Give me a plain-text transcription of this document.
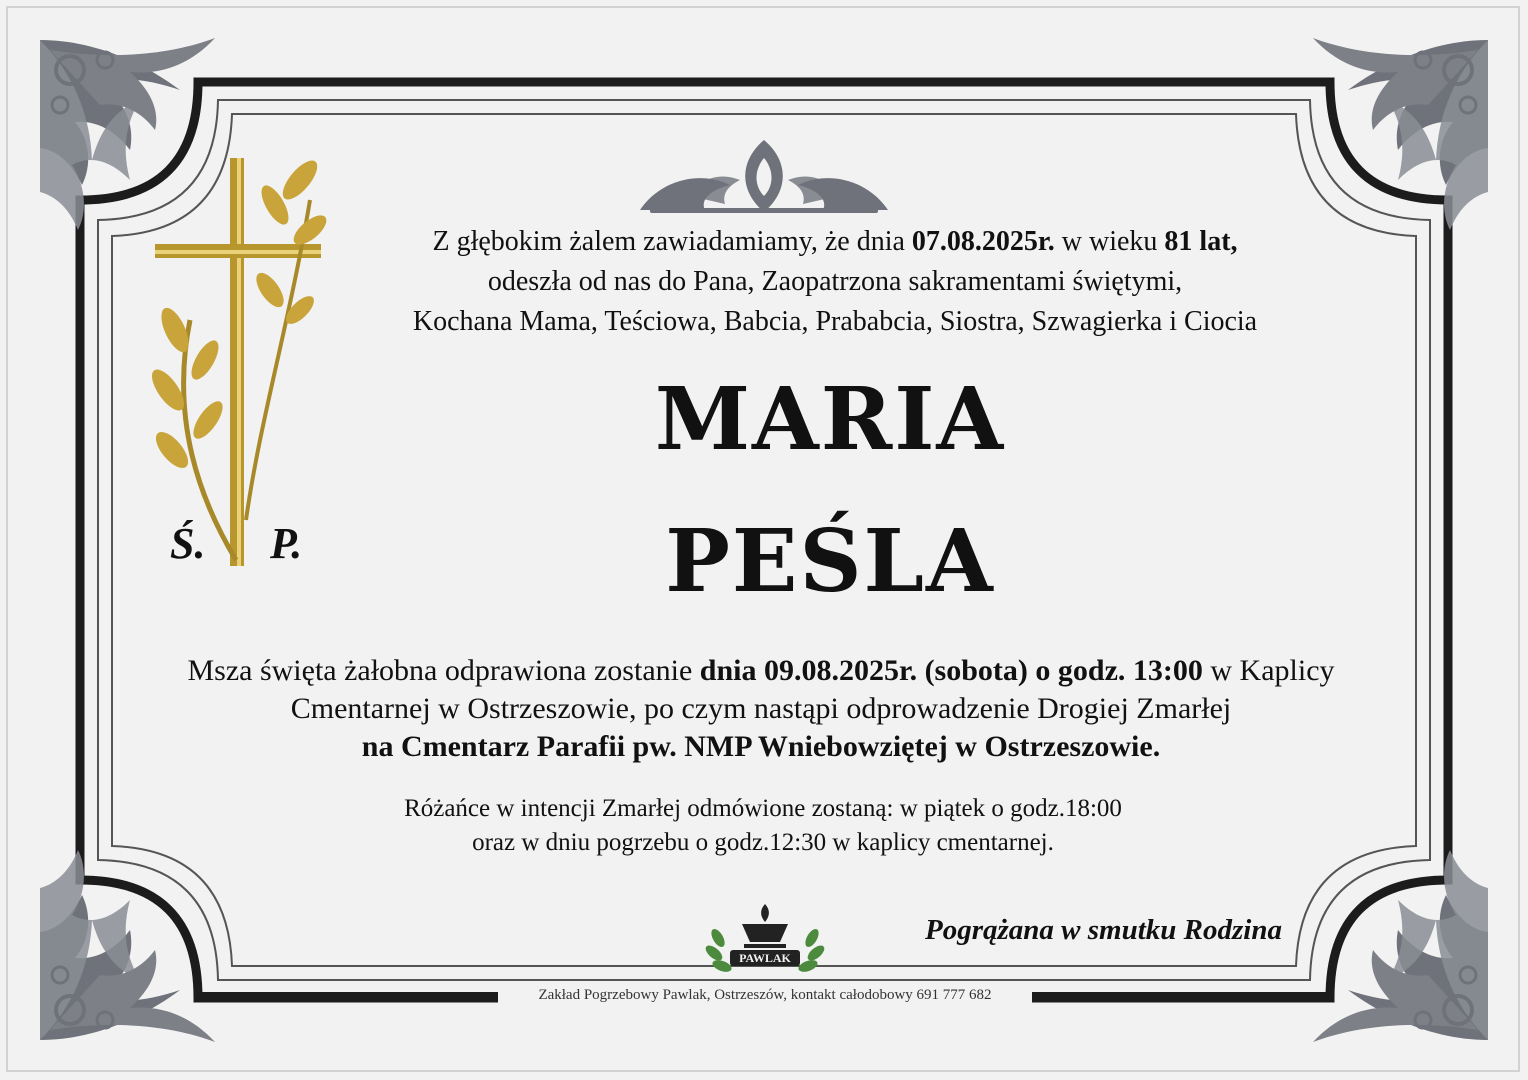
Z głębokim żalem zawiadamiamy, że dnia 07.08.2025r. w wieku 81 lat,
odeszła od nas do Pana, Zaopatrzona sakramentami świętymi,
Kochana Mama, Teściowa, Babcia, Prababcia, Siostra, Szwagierka i Ciocia
Ś. P.
MARIA
PEŚLA
Msza święta żałobna odprawiona zostanie dnia 09.08.2025r. (sobota) o godz. 13:00 w Kaplicy
Cmentarnej w Ostrzeszowie, po czym nastąpi odprowadzenie Drogiej Zmarłej
na Cmentarz Parafii pw. NMP Wniebowziętej w Ostrzeszowie.
Różańce w intencji Zmarłej odmówione zostaną: w piątek o godz.18:00
oraz w dniu pogrzebu o godz.12:30 w kaplicy cmentarnej.
PAWLAK
Pogrążana w smutku Rodzina
Zakład Pogrzebowy Pawlak, Ostrzeszów, kontakt całodobowy 691 777 682
